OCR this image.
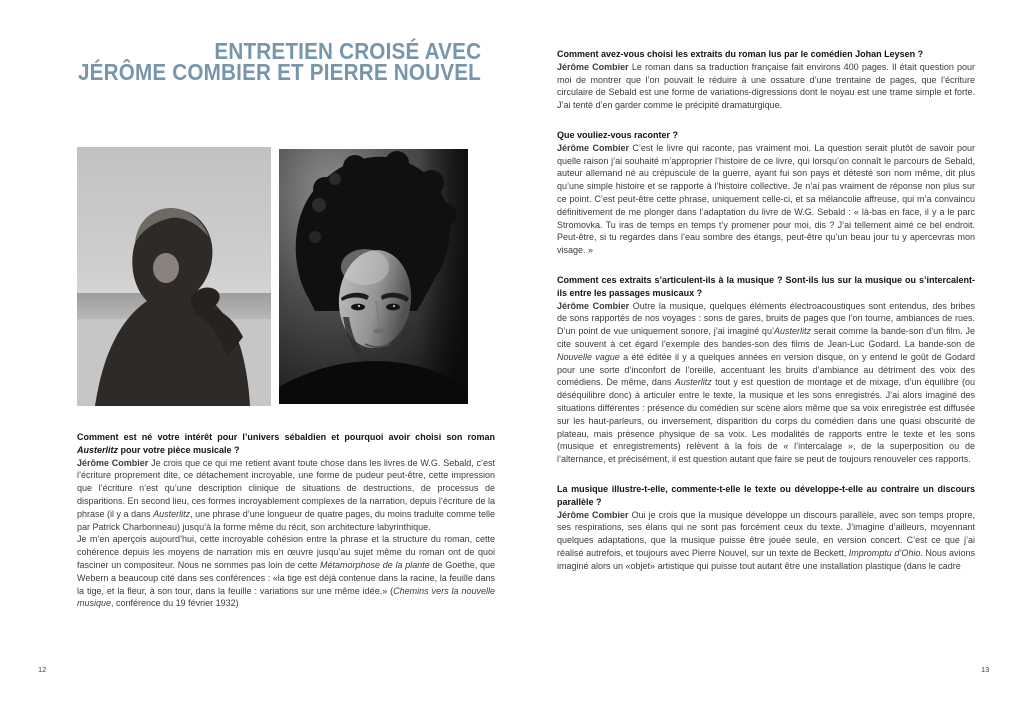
ENTRETIEN CROISÉ AVEC
JÉRÔME COMBIER ET PIERRE NOUVEL

Comment est né votre intérêt pour l’univers sébaldien et pourquoi avoir choisi son roman Austerlitz pour votre pièce musicale ?

Jérôme Combier Je crois que ce qui me retient avant toute chose dans les livres de W.G. Sebald, c’est l’écriture proprement dite, ce détachement incroyable, une forme de pudeur peut-être, cette impression que l’écriture n’est qu’une description clinique de situations de destructions, de processus de disparitions. En second lieu, ces formes incroyablement complexes de la narration, depuis l’écriture de la phrase (il y a dans Austerlitz, une phrase d’une longueur de quatre pages, du moins traduite comme telle par Patrick Charbonneau) jusqu’à la forme même du récit, son architecture labyrinthique.

Je m’en aperçois aujourd’hui, cette incroyable cohésion entre la phrase et la structure du roman, cette cohérence depuis les moyens de narration mis en œuvre jusqu’au sujet même du roman ont de quoi fasciner un compositeur. Nous ne sommes pas loin de cette Métamorphose de la plante de Goethe, que Webern a beaucoup cité dans ses conférences : «la tige est déjà contenue dans la racine, la feuille dans la tige, et la fleur, à son tour, dans la feuille : variations sur une même idée.» (Chemins vers la nouvelle musique, conférence du 19 février 1932)

Comment avez-vous choisi les extraits du roman lus par le comédien Johan Leysen ?

Jérôme Combier Le roman dans sa traduction française fait environs 400 pages. Il était question pour moi de montrer que l’on pouvait le réduire à une ossature d’une trentaine de pages, que l’écriture circulaire de Sebald est une forme de variations-digressions dont le noyau est une trame simple et forte. J’ai tenté d’en garder comme le précipité dramaturgique.

Que vouliez-vous raconter ?

Jérôme Combier C’est le livre qui raconte, pas vraiment moi. La question serait plutôt de savoir pour quelle raison j’ai souhaité m’approprier l’histoire de ce livre, qui lorsqu’on connaît le parcours de Sebald, auteur allemand né au crépuscule de la guerre, ayant fui son pays et détesté son nom même, dit plus qu’une simple histoire et se rapporte à l’histoire collective. Je n’ai pas vraiment de réponse non plus sur ce point. C’est peut-être cette phrase, uniquement celle-ci, et sa mélancolie affreuse, qui m’a convaincu définitivement de me plonger dans l’adaptation du livre de W.G. Sebald : « là-bas en face, il y a le parc Stromovka. Tu iras de temps en temps t’y promener pour moi, dis ? J’ai tellement aimé ce bel endroit. Peut-être, si tu regardes dans l’eau sombre des étangs, peut-être qu’un beau jour tu y apercevras mon visage. »

Comment ces extraits s’articulent-ils à la musique ? Sont-ils lus sur la musique ou s’intercalent-ils entre les passages musicaux ?

Jérôme Combier Outre la musique, quelques éléments électroacoustiques sont entendus, des bribes de sons rapportés de nos voyages : sons de gares, bruits de pages que l’on tourne, ambiances de rues. D’un point de vue uniquement sonore, j’ai imaginé qu’Austerlitz serait comme la bande-son d’un film. Je cite souvent à cet égard l’exemple des bandes-son des films de Jean-Luc Godard. La bande-son de Nouvelle vague a été éditée il y a quelques années en version disque, on y entend le goût de Godard pour une sorte d’inconfort de l’oreille, accentuant les bruits d’ambiance au détriment des voix des comédiens. De même, dans Austerlitz tout y est question de montage et de mixage, d’un équilibre (ou déséquilibre donc) à articuler entre le texte, la musique et les sons enregistrés. J’ai alors imaginé des situations différentes : présence du comédien sur scène alors même que sa voix enregistrée est diffusée sur les haut-parleurs, ou inversement, disparition du corps du comédien dans une quasi obscurité de plateau, mais présence physique de sa voix. Les modalités de rapports entre le texte et les sons (musique et enregistrements) relèvent à la fois de « l’intercalage », de la superposition ou de l’alternance, et précisément, il est question autant que faire se peut de toujours renouveler ces rapports.

La musique illustre-t-elle, commente-t-elle le texte ou développe-t-elle au contraire un discours parallèle ?

Jérôme Combier Oui je crois que la musique développe un discours parallèle, avec son temps propre, ses respirations, ses élans qui ne sont pas forcément ceux du texte. J’imagine d’ailleurs, moyennant quelques adaptations, que la musique puisse être jouée seule, en version concert. C’est ce que j’ai réalisé autrefois, et toujours avec Pierre Nouvel, sur un texte de Beckett, Impromptu d’Ohio. Nous avions imaginé alors un «objet» artistique qui puisse tout autant être une installation plastique (dans le cadre

12	13
